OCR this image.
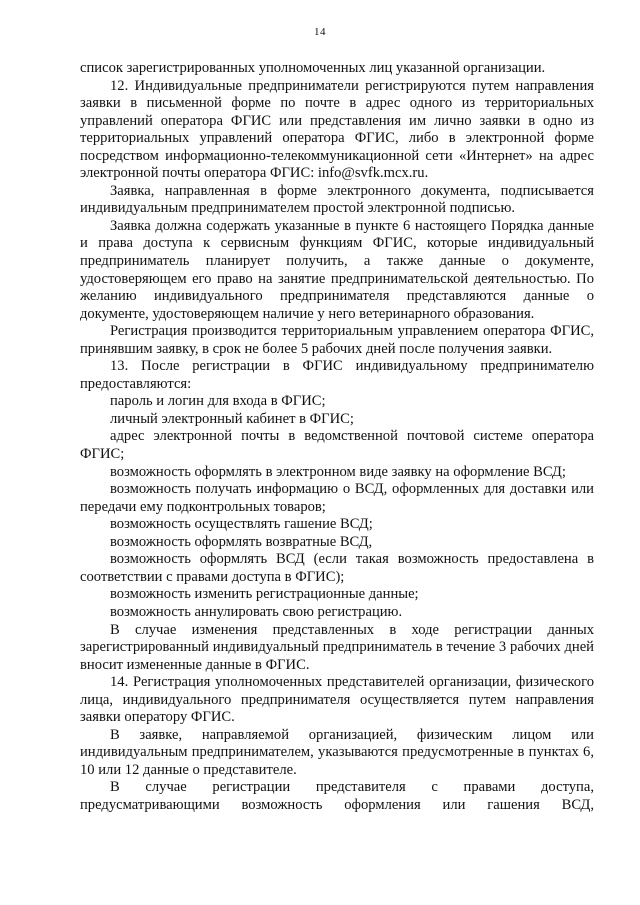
14

список зарегистрированных уполномоченных лиц указанной организации.

12. Индивидуальные предприниматели регистрируются путем направления заявки в письменной форме по почте в адрес одного из территориальных управлений оператора ФГИС или представления им лично заявки в одно из территориальных управлений оператора ФГИС, либо в электронной форме посредством информационно-телекоммуникационной сети «Интернет» на адрес электронной почты оператора ФГИС: info@svfk.mcx.ru.

Заявка, направленная в форме электронного документа, подписывается индивидуальным предпринимателем простой электронной подписью.

Заявка должна содержать указанные в пункте 6 настоящего Порядка данные и права доступа к сервисным функциям ФГИС, которые индивидуальный предприниматель планирует получить, а также данные о документе, удостоверяющем его право на занятие предпринимательской деятельностью. По желанию индивидуального предпринимателя представляются данные о документе, удостоверяющем наличие у него ветеринарного образования.

Регистрация производится территориальным управлением оператора ФГИС, принявшим заявку, в срок не более 5 рабочих дней после получения заявки.

13. После регистрации в ФГИС индивидуальному предпринимателю предоставляются:

пароль и логин для входа в ФГИС;

личный электронный кабинет в ФГИС;

адрес электронной почты в ведомственной почтовой системе оператора ФГИС;

возможность оформлять в электронном виде заявку на оформление ВСД;

возможность получать информацию о ВСД, оформленных для доставки или передачи ему подконтрольных товаров;

возможность осуществлять гашение ВСД;

возможность оформлять возвратные ВСД,

возможность оформлять ВСД (если такая возможность предоставлена в соответствии с правами доступа в ФГИС);

возможность изменить регистрационные данные;

возможность аннулировать свою регистрацию.

В случае изменения представленных в ходе регистрации данных зарегистрированный индивидуальный предприниматель в течение 3 рабочих дней вносит измененные данные в ФГИС.

14. Регистрация уполномоченных представителей организации, физического лица, индивидуального предпринимателя осуществляется путем направления заявки оператору ФГИС.

В заявке, направляемой организацией, физическим лицом или индивидуальным предпринимателем, указываются предусмотренные в пунктах 6, 10 или 12 данные о представителе.

В случае регистрации представителя с правами доступа, предусматривающими возможность оформления или гашения ВСД,
